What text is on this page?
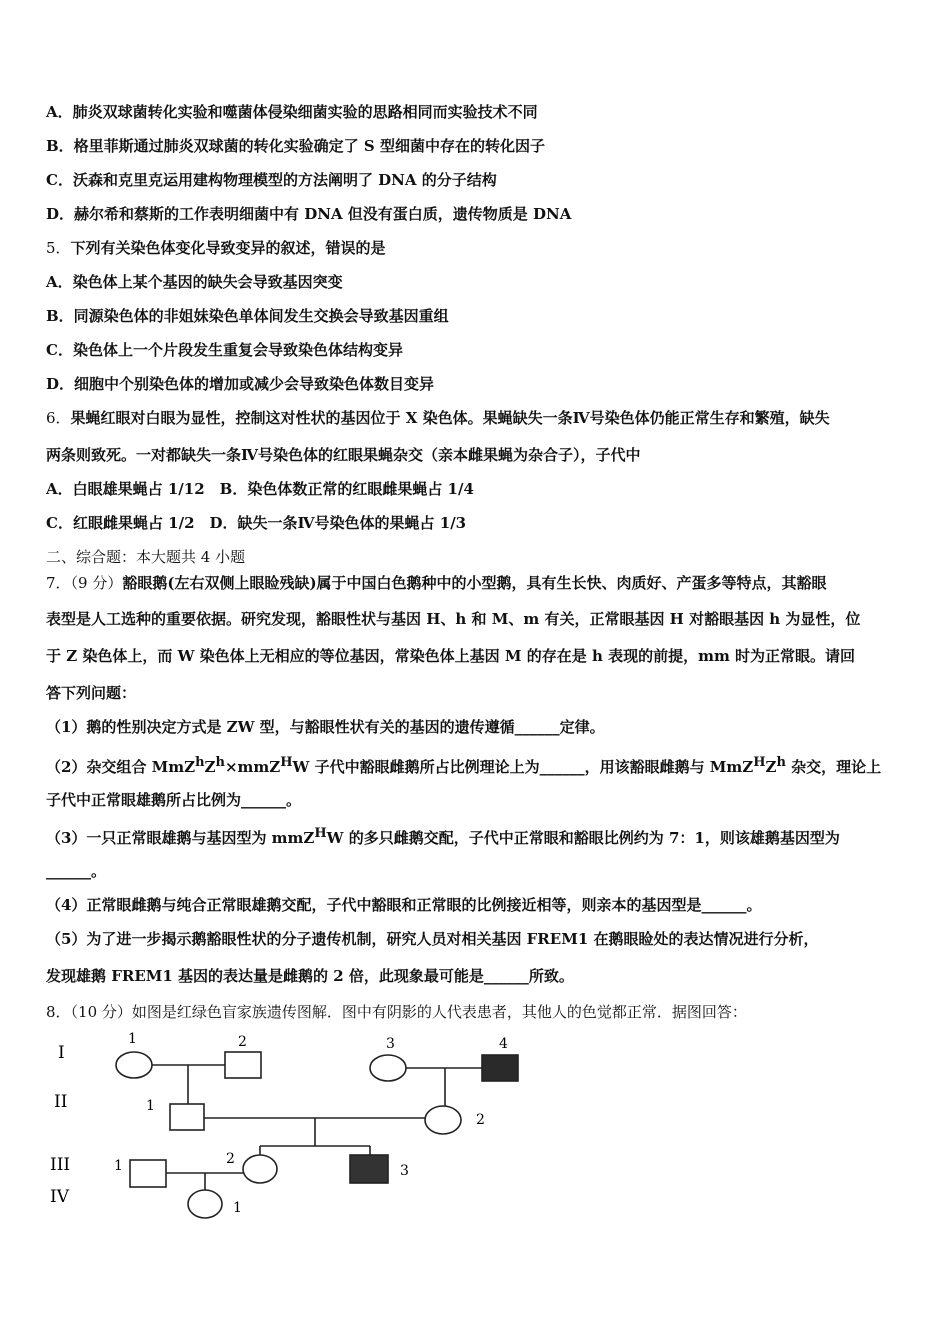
A．肺炎双球菌转化实验和噬菌体侵染细菌实验的思路相同而实验技术不同
B．格里菲斯通过肺炎双球菌的转化实验确定了 S 型细菌中存在的转化因子
C．沃森和克里克运用建构物理模型的方法阐明了 DNA 的分子结构
D．赫尔希和蔡斯的工作表明细菌中有 DNA 但没有蛋白质，遗传物质是 DNA
5．下列有关染色体变化导致变异的叙述，错误的是
A．染色体上某个基因的缺失会导致基因突变
B．同源染色体的非姐妹染色单体间发生交换会导致基因重组
C．染色体上一个片段发生重复会导致染色体结构变异
D．细胞中个别染色体的增加或减少会导致染色体数目变异
6．果蝇红眼对白眼为显性，控制这对性状的基因位于 X 染色体。果蝇缺失一条Ⅳ号染色体仍能正常生存和繁殖，缺失
两条则致死。一对都缺失一条Ⅳ号染色体的红眼果蝇杂交（亲本雌果蝇为杂合子），子代中
A．白眼雄果蝇占 1/12　B．染色体数正常的红眼雌果蝇占 1/4
C．红眼雌果蝇占 1/2　D．缺失一条Ⅳ号染色体的果蝇占 1/3
二、综合题：本大题共 4 小题
7．（9 分）豁眼鹅(左右双侧上眼睑残缺)属于中国白色鹅种中的小型鹅，具有生长快、肉质好、产蛋多等特点，其豁眼
表型是人工选种的重要依据。研究发现，豁眼性状与基因 H、h 和 M、m 有关，正常眼基因 H 对豁眼基因 h 为显性，位
于 Z 染色体上，而 W 染色体上无相应的等位基因，常染色体上基因 M 的存在是 h 表现的前提，mm 时为正常眼。请回
答下列问题：
（1）鹅的性别决定方式是 ZW 型，与豁眼性状有关的基因的遗传遵循______定律。
（2）杂交组合 $MmZ^hZ^h\times mmZ^HW$ 子代中豁眼雌鹅所占比例理论上为______，用该豁眼雌鹅与 $MmZ^HZ^h$ 杂交，理论上
子代中正常眼雄鹅所占比例为______。
（3）一只正常眼雄鹅与基因型为 mmZ$^H$W 的多只雌鹅交配，子代中正常眼和豁眼比例约为 7：1，则该雄鹅基因型为
______。
（4）正常眼雌鹅与纯合正常眼雄鹅交配，子代中豁眼和正常眼的比例接近相等，则亲本的基因型是______。
（5）为了进一步揭示鹅豁眼性状的分子遗传机制，研究人员对相关基因 FREM1 在鹅眼睑处的表达情况进行分析，
发现雄鹅 FREM1 基因的表达量是雌鹅的 2 倍，此现象最可能是______所致。
8．（10 分）如图是红绿色盲家族遗传图解．图中有阴影的人代表患者，其他人的色觉都正常．据图回答：
I
II
III
IV
1	2	3	4
1
2
1	2
3
1
